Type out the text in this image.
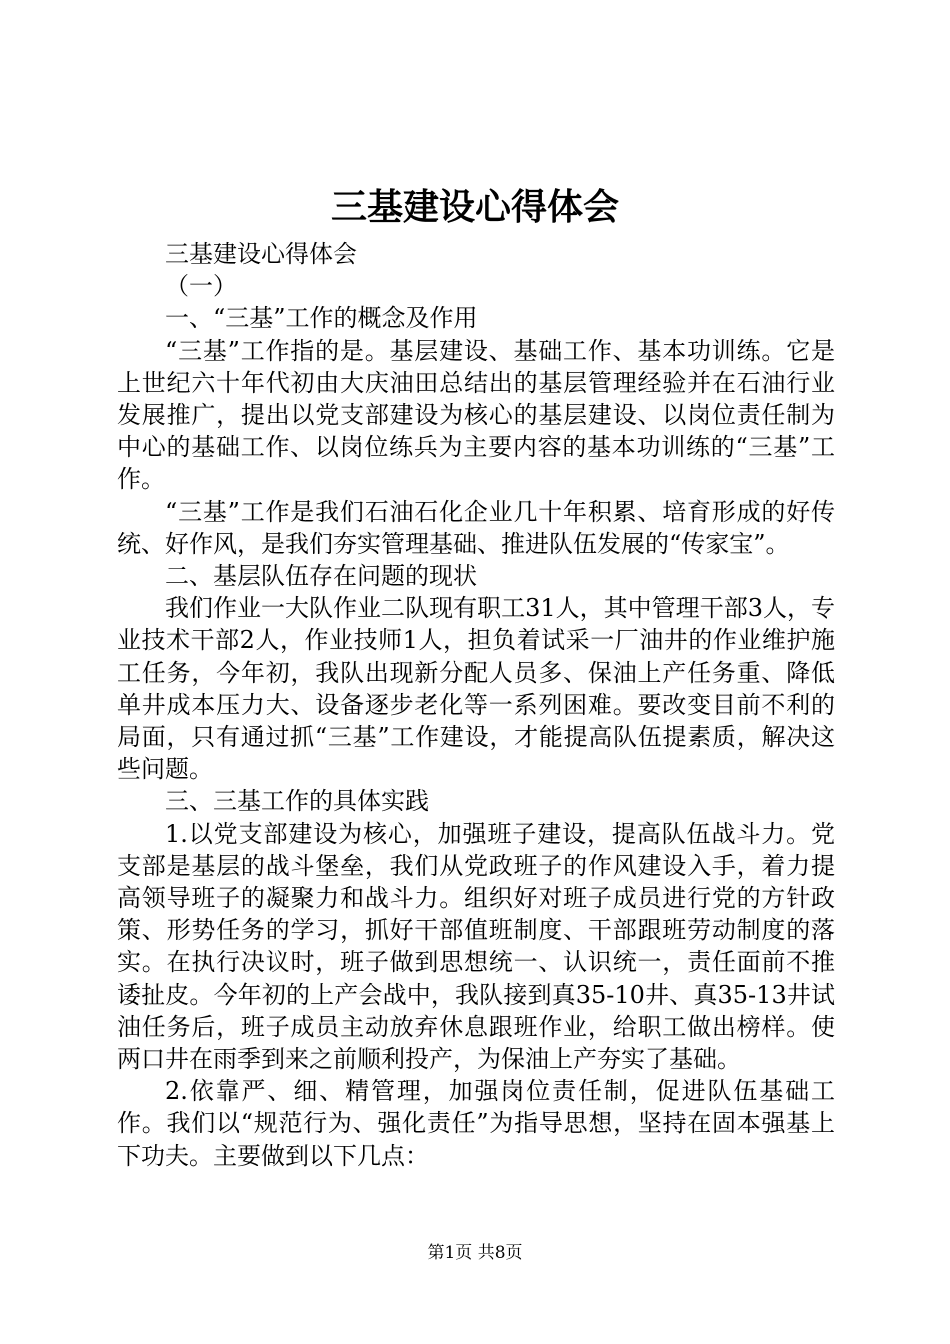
三基建设心得体会

三基建设心得体会

（一）

一、“三基”工作的概念及作用

“三基”工作指的是。基层建设、基础工作、基本功训练。它是上世纪六十年代初由大庆油田总结出的基层管理经验并在石油行业发展推广，提出以党支部建设为核心的基层建设、以岗位责任制为中心的基础工作、以岗位练兵为主要内容的基本功训练的“三基”工作。

“三基”工作是我们石油石化企业几十年积累、培育形成的好传统、好作风，是我们夯实管理基础、推进队伍发展的“传家宝”。

二、基层队伍存在问题的现状

我们作业一大队作业二队现有职工31人，其中管理干部3人，专业技术干部2人，作业技师1人，担负着试采一厂油井的作业维护施工任务，今年初，我队出现新分配人员多、保油上产任务重、降低单井成本压力大、设备逐步老化等一系列困难。要改变目前不利的局面，只有通过抓“三基”工作建设，才能提高队伍提素质，解决这些问题。

三、三基工作的具体实践

1.以党支部建设为核心，加强班子建设，提高队伍战斗力。党支部是基层的战斗堡垒，我们从党政班子的作风建设入手，着力提高领导班子的凝聚力和战斗力。组织好对班子成员进行党的方针政策、形势任务的学习，抓好干部值班制度、干部跟班劳动制度的落实。在执行决议时，班子做到思想统一、认识统一，责任面前不推诿扯皮。今年初的上产会战中，我队接到真35-10井、真35-13井试油任务后，班子成员主动放弃休息跟班作业，给职工做出榜样。使两口井在雨季到来之前顺利投产，为保油上产夯实了基础。

2.依靠严、细、精管理，加强岗位责任制，促进队伍基础工作。我们以“规范行为、强化责任”为指导思想，坚持在固本强基上下功夫。主要做到以下几点：

第1页 共8页
